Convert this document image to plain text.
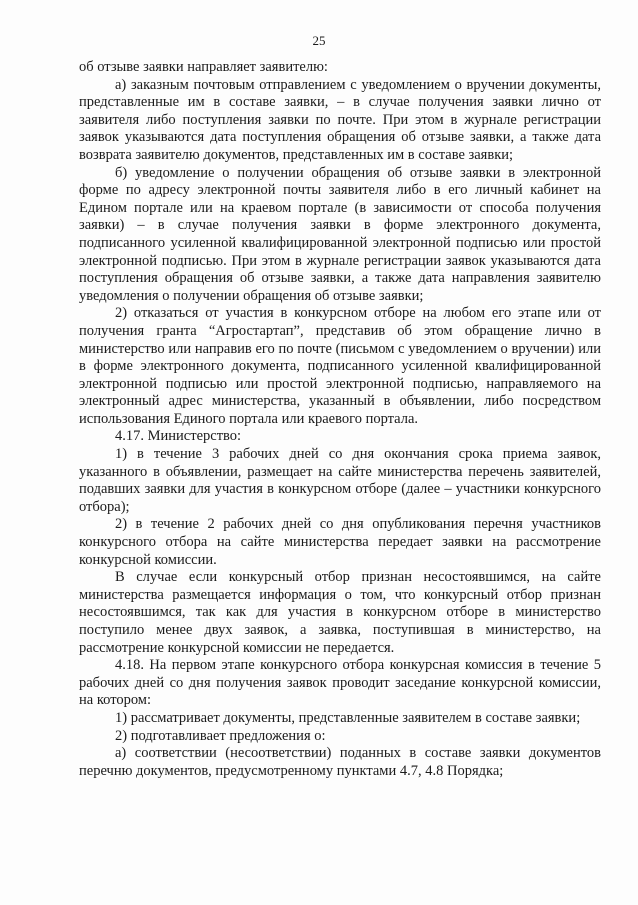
25

об отзыве заявки направляет заявителю:

а) заказным почтовым отправлением с уведомлением о вручении документы, представленные им в составе заявки, – в случае получения заявки лично от заявителя либо поступления заявки по почте. При этом в журнале регистрации заявок указываются дата поступления обращения об отзыве заявки, а также дата возврата заявителю документов, представленных им в составе заявки;

б) уведомление о получении обращения об отзыве заявки в электронной форме по адресу электронной почты заявителя либо в его личный кабинет на Едином портале или на краевом портале (в зависимости от способа получения заявки) – в случае получения заявки в форме электронного документа, подписанного усиленной квалифицированной электронной подписью или простой электронной подписью. При этом в журнале регистрации заявок указываются дата поступления обращения об отзыве заявки, а также дата направления заявителю уведомления о получении обращения об отзыве заявки;

2) отказаться от участия в конкурсном отборе на любом его этапе или от получения гранта “Агростартап”, представив об этом обращение лично в министерство или направив его по почте (письмом с уведомлением о вручении) или в форме электронного документа, подписанного усиленной квалифицированной электронной подписью или простой электронной подписью, направляемого на электронный адрес министерства, указанный в объявлении, либо посредством использования Единого портала или краевого портала.

4.17. Министерство:

1) в течение 3 рабочих дней со дня окончания срока приема заявок, указанного в объявлении, размещает на сайте министерства перечень заявителей, подавших заявки для участия в конкурсном отборе (далее – участники конкурсного отбора);

2) в течение 2 рабочих дней со дня опубликования перечня участников конкурсного отбора на сайте министерства передает заявки на рассмотрение конкурсной комиссии.

В случае если конкурсный отбор признан несостоявшимся, на сайте министерства размещается информация о том, что конкурсный отбор признан несостоявшимся, так как для участия в конкурсном отборе в министерство поступило менее двух заявок, а заявка, поступившая в министерство, на рассмотрение конкурсной комиссии не передается.

4.18. На первом этапе конкурсного отбора конкурсная комиссия в течение 5 рабочих дней со дня получения заявок проводит заседание конкурсной комиссии, на котором:

1) рассматривает документы, представленные заявителем в составе заявки;

2) подготавливает предложения о:

а) соответствии (несоответствии) поданных в составе заявки документов перечню документов, предусмотренному пунктами 4.7, 4.8 Порядка;
